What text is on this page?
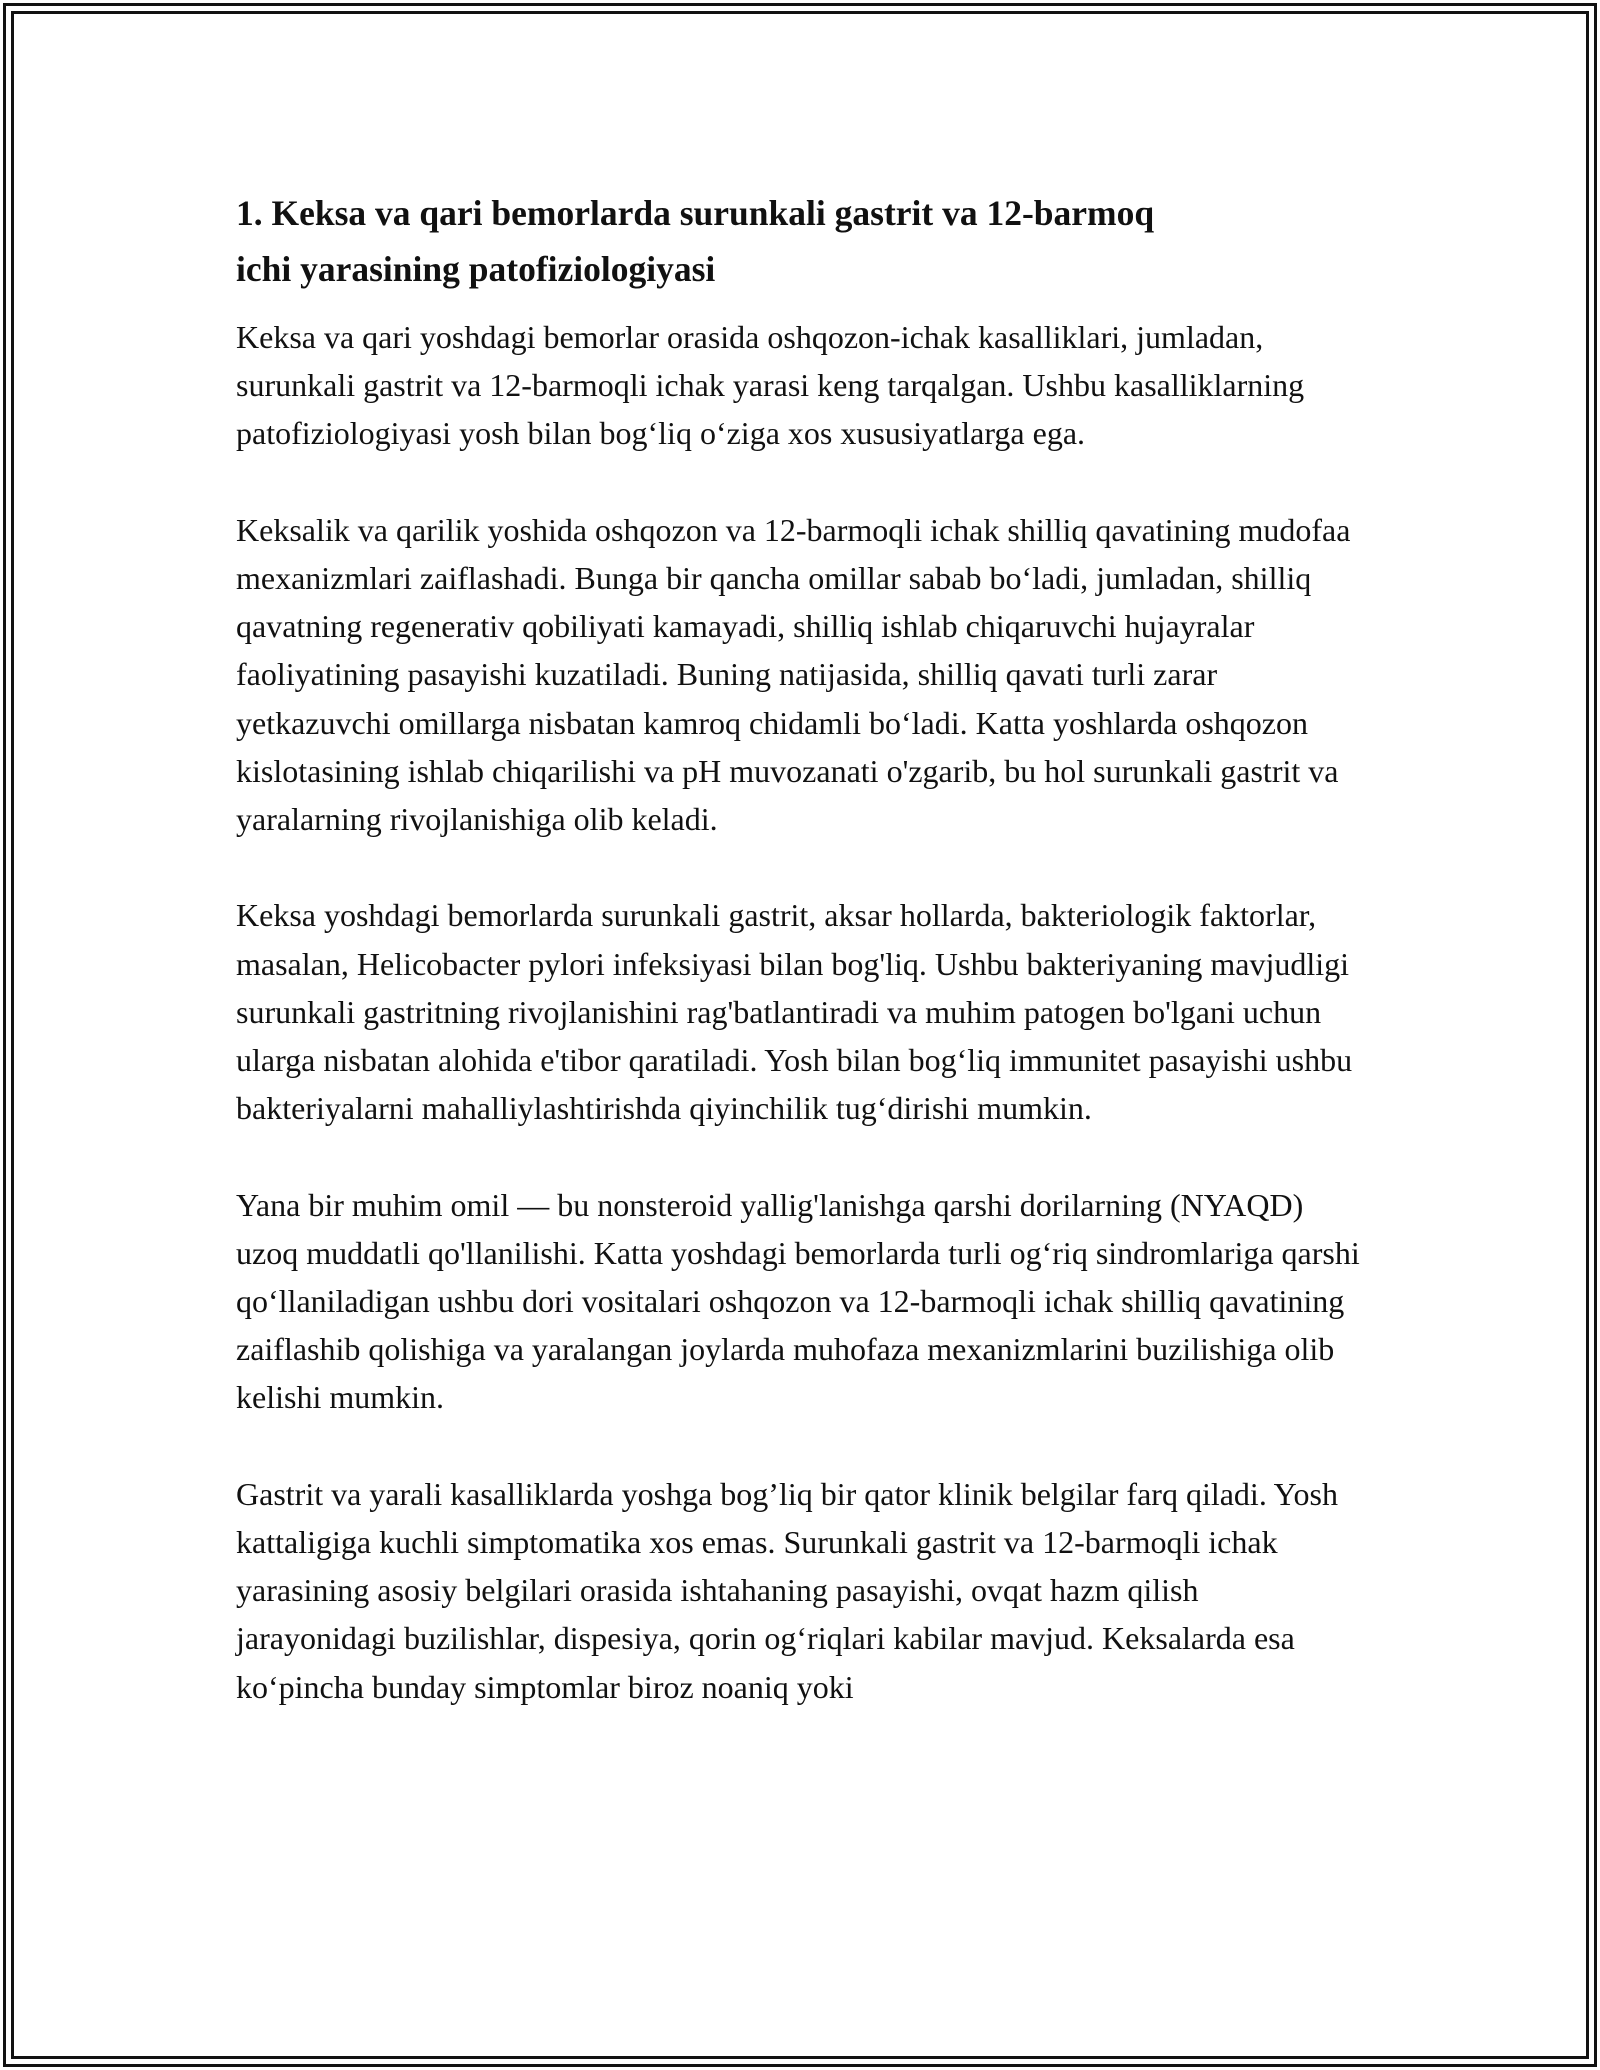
1. Keksa va qari bemorlarda surunkali gastrit va 12-barmoq
ichi yarasining patofiziologiyasi

Keksa va qari yoshdagi bemorlar orasida oshqozon-ichak kasalliklari, jumladan, surunkali gastrit va 12-barmoqli ichak yarasi keng tarqalgan. Ushbu kasalliklarning patofiziologiyasi yosh bilan bog‘liq o‘ziga xos xususiyatlarga ega.

Keksalik va qarilik yoshida oshqozon va 12-barmoqli ichak shilliq qavatining mudofaa mexanizmlari zaiflashadi. Bunga bir qancha omillar sabab bo‘ladi, jumladan, shilliq qavatning regenerativ qobiliyati kamayadi, shilliq ishlab chiqaruvchi hujayralar faoliyatining pasayishi kuzatiladi. Buning natijasida, shilliq qavati turli zarar yetkazuvchi omillarga nisbatan kamroq chidamli bo‘ladi. Katta yoshlarda oshqozon kislotasining ishlab chiqarilishi va pH muvozanati o'zgarib, bu hol surunkali gastrit va yaralarning rivojlanishiga olib keladi.

Keksa yoshdagi bemorlarda surunkali gastrit, aksar hollarda, bakteriologik faktorlar, masalan, Helicobacter pylori infeksiyasi bilan bog'liq. Ushbu bakteriyaning mavjudligi surunkali gastritning rivojlanishini rag'batlantiradi va muhim patogen bo'lgani uchun ularga nisbatan alohida e'tibor qaratiladi. Yosh bilan bog‘liq immunitet pasayishi ushbu bakteriyalarni mahalliylashtirishda qiyinchilik tug‘dirishi mumkin.

Yana bir muhim omil — bu nonsteroid yallig'lanishga qarshi dorilarning (NYAQD) uzoq muddatli qo'llanilishi. Katta yoshdagi bemorlarda turli og‘riq sindromlariga qarshi qo‘llaniladigan ushbu dori vositalari oshqozon va 12-barmoqli ichak shilliq qavatining zaiflashib qolishiga va yaralangan joylarda muhofaza mexanizmlarini buzilishiga olib kelishi mumkin.

Gastrit va yarali kasalliklarda yoshga bog’liq bir qator klinik belgilar farq qiladi. Yosh kattaligiga kuchli simptomatika xos emas. Surunkali gastrit va 12-barmoqli ichak yarasining asosiy belgilari orasida ishtahaning pasayishi, ovqat hazm qilish jarayonidagi buzilishlar, dispesiya, qorin og‘riqlari kabilar mavjud. Keksalarda esa ko‘pincha bunday simptomlar biroz noaniq yoki
